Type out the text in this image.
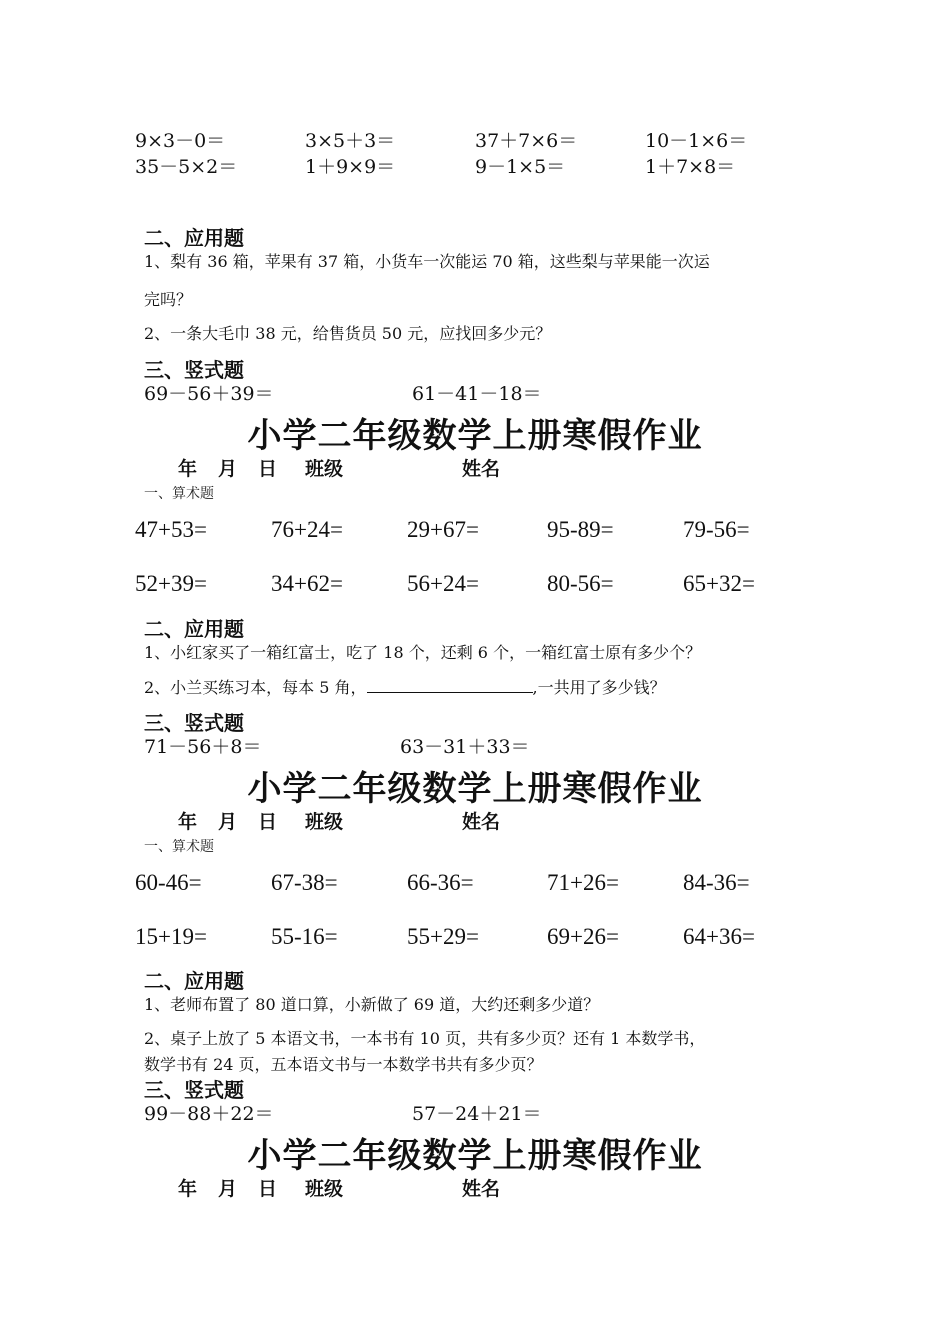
9×3－0＝	3×5＋3＝	37＋7×6＝	10－1×6＝
35－5×2＝	1＋9×9＝	9－1×5＝	1＋7×8＝
二、应用题
1、梨有 36 箱，苹果有 37 箱，小货车一次能运 70 箱，这些梨与苹果能一次运
完吗？
2、一条大毛巾 38 元，给售货员 50 元，应找回多少元？
三、竖式题
69－56＋39＝	61－41－18＝
小学二年级数学上册寒假作业
年 月 日 班级	姓名
一、算术题
47+53=	76+24=	29+67=	95-89=	79-56=
52+39=	34+62=	56+24=	80-56=	65+32=
二、应用题
1、小红家买了一箱红富士，吃了 18 个，还剩 6 个，一箱红富士原有多少个？
2、小兰买练习本，每本 5 角，	,一共用了多少钱？
三、竖式题
71－56＋8＝	63－31＋33＝
小学二年级数学上册寒假作业
年 月 日 班级	姓名
一、算术题
60-46=	67-38=	66-36=	71+26=	84-36=
15+19=	55-16=	55+29=	69+26=	64+36=
二、应用题
1、老师布置了 80 道口算，小新做了 69 道，大约还剩多少道？
2、桌子上放了 5 本语文书，一本书有 10 页，共有多少页？还有 1 本数学书，
数学书有 24 页，五本语文书与一本数学书共有多少页？
三、竖式题
99－88＋22＝	57－24＋21＝
小学二年级数学上册寒假作业
年 月 日 班级	姓名
